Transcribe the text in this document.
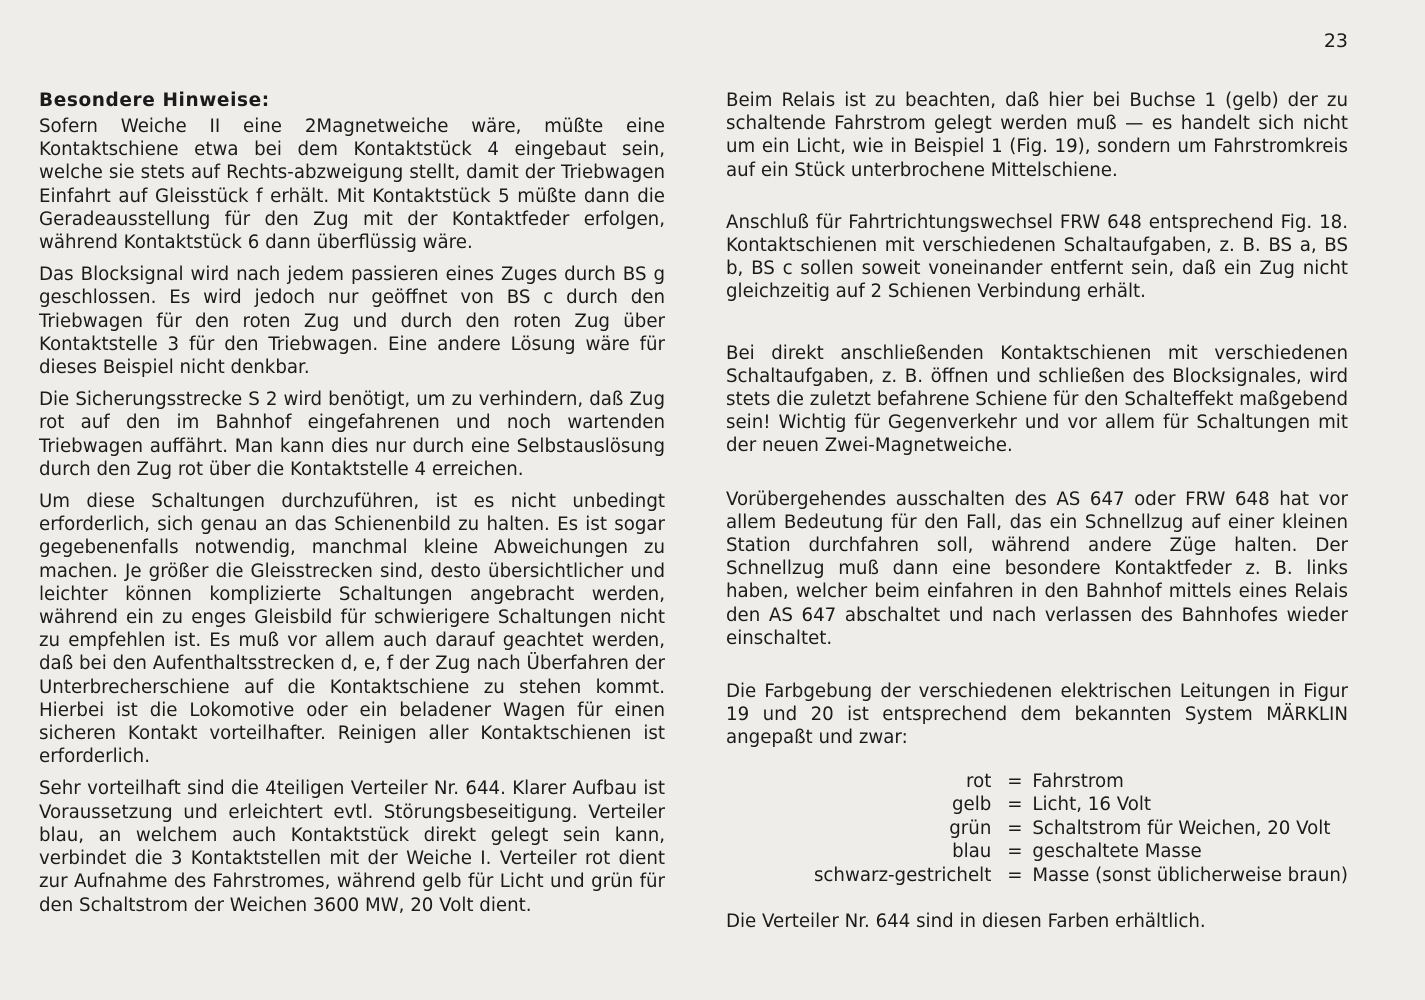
23
Besondere Hinweise:

Sofern Weiche II eine 2Magnetweiche wäre, müßte eine Kontaktschiene etwa bei dem Kontaktstück 4 eingebaut sein, welche sie stets auf Rechts-abzweigung stellt, damit der Triebwagen Einfahrt auf Gleisstück f erhält. Mit Kontaktstück 5 müßte dann die Geradeausstellung für den Zug mit der Kontaktfeder erfolgen, während Kontaktstück 6 dann überflüssig wäre.

Das Blocksignal wird nach jedem passieren eines Zuges durch BS g geschlossen. Es wird jedoch nur geöffnet von BS c durch den Triebwagen für den roten Zug und durch den roten Zug über Kontaktstelle 3 für den Triebwagen. Eine andere Lösung wäre für dieses Beispiel nicht denkbar.

Die Sicherungsstrecke S 2 wird benötigt, um zu verhindern, daß Zug rot auf den im Bahnhof eingefahrenen und noch wartenden Triebwagen auffährt. Man kann dies nur durch eine Selbstauslösung durch den Zug rot über die Kontaktstelle 4 erreichen.

Um diese Schaltungen durchzuführen, ist es nicht unbedingt erforderlich, sich genau an das Schienenbild zu halten. Es ist sogar gegebenenfalls notwendig, manchmal kleine Abweichungen zu machen. Je größer die Gleisstrecken sind, desto übersichtlicher und leichter können komplizierte Schaltungen angebracht werden, während ein zu enges Gleisbild für schwierigere Schaltungen nicht zu empfehlen ist. Es muß vor allem auch darauf geachtet werden, daß bei den Aufenthaltsstrecken d, e, f der Zug nach Überfahren der Unterbrecherschiene auf die Kontaktschiene zu stehen kommt. Hierbei ist die Lokomotive oder ein beladener Wagen für einen sicheren Kontakt vorteilhafter. Reinigen aller Kontaktschienen ist erforderlich.

Sehr vorteilhaft sind die 4teiligen Verteiler Nr. 644. Klarer Aufbau ist Voraussetzung und erleichtert evtl. Störungsbeseitigung. Verteiler blau, an welchem auch Kontaktstück direkt gelegt sein kann, verbindet die 3 Kontaktstellen mit der Weiche I. Verteiler rot dient zur Aufnahme des Fahrstromes, während gelb für Licht und grün für den Schaltstrom der Weichen 3600 MW, 20 Volt dient.

Beim Relais ist zu beachten, daß hier bei Buchse 1 (gelb) der zu schaltende Fahrstrom gelegt werden muß — es handelt sich nicht um ein Licht, wie in Beispiel 1 (Fig. 19), sondern um Fahrstromkreis auf ein Stück unterbrochene Mittelschiene.

Anschluß für Fahrtrichtungswechsel FRW 648 entsprechend Fig. 18. Kontaktschienen mit verschiedenen Schaltaufgaben, z. B. BS a, BS b, BS c sollen soweit voneinander entfernt sein, daß ein Zug nicht gleichzeitig auf 2 Schienen Verbindung erhält.

Bei direkt anschließenden Kontaktschienen mit verschiedenen Schaltaufgaben, z. B. öffnen und schließen des Blocksignales, wird stets die zuletzt befahrene Schiene für den Schalteffekt maßgebend sein! Wichtig für Gegenverkehr und vor allem für Schaltungen mit der neuen Zwei-Magnetweiche.

Vorübergehendes ausschalten des AS 647 oder FRW 648 hat vor allem Bedeutung für den Fall, das ein Schnellzug auf einer kleinen Station durchfahren soll, während andere Züge halten. Der Schnellzug muß dann eine besondere Kontaktfeder z. B. links haben, welcher beim einfahren in den Bahnhof mittels eines Relais den AS 647 abschaltet und nach verlassen des Bahnhofes wieder einschaltet.

Die Farbgebung der verschiedenen elektrischen Leitungen in Figur 19 und 20 ist entsprechend dem bekannten System MÄRKLIN angepaßt und zwar:

rot	=	Fahrstrom
gelb	=	Licht, 16 Volt
grün	=	Schaltstrom für Weichen, 20 Volt
blau	=	geschaltete Masse
schwarz-gestrichelt	=	Masse (sonst üblicherweise braun)

Die Verteiler Nr. 644 sind in diesen Farben erhältlich.
